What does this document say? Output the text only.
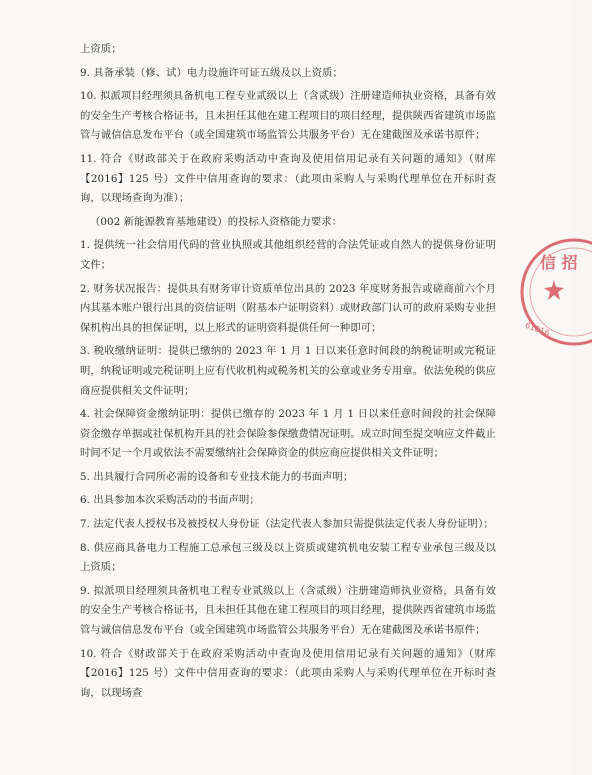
上资质；

9. 具备承装（修、试）电力设施许可证五级及以上资质；

10. 拟派项目经理须具备机电工程专业贰级以上（含贰级）注册建造师执业资格，具备有效的安全生产考核合格证书，且未担任其他在建工程项目的项目经理，提供陕西省建筑市场监管与诚信信息发布平台（或全国建筑市场监管公共服务平台）无在建截图及承诺书原件；

11. 符合《财政部关于在政府采购活动中查询及使用信用记录有关问题的通知》（财库【2016】125 号）文件中信用查询的要求：（此项由采购人与采购代理单位在开标时查询，以现场查询为准）；

（002 新能源教育基地建设）的投标人资格能力要求：

1. 提供统一社会信用代码的营业执照或其他组织经营的合法凭证或自然人的提供身份证明文件；

2. 财务状况报告：提供具有财务审计资质单位出具的 2023 年度财务报告或磋商前六个月内其基本账户银行出具的资信证明（附基本户证明资料）或财政部门认可的政府采购专业担保机构出具的担保证明，以上形式的证明资料提供任何一种即可；

3. 税收缴纳证明：提供已缴纳的 2023 年 1 月 1 日以来任意时间段的纳税证明或完税证明，纳税证明或完税证明上应有代收机构或税务机关的公章或业务专用章。依法免税的供应商应提供相关文件证明；

4. 社会保障资金缴纳证明：提供已缴存的 2023 年 1 月 1 日以来任意时间段的社会保障资金缴存单据或社保机构开具的社会保险参保缴费情况证明。成立时间至提交响应文件截止时间不足一个月或依法不需要缴纳社会保障资金的供应商应提供相关文件证明；

5. 出具履行合同所必需的设备和专业技术能力的书面声明；

6. 出具参加本次采购活动的书面声明；

7. 法定代表人授权书及被授权人身份证（法定代表人参加只需提供法定代表人身份证明）；

8. 供应商具备电力工程施工总承包三级及以上资质或建筑机电安装工程专业承包三级及以上资质；

9. 拟派项目经理须具备机电工程专业贰级以上（含贰级）注册建造师执业资格，具备有效的安全生产考核合格证书，且未担任其他在建工程项目的项目经理，提供陕西省建筑市场监管与诚信信息发布平台（或全国建筑市场监管公共服务平台）无在建截图及承诺书原件；

10. 符合《财政部关于在政府采购活动中查询及使用信用记录有关问题的通知》（财库【2016】125 号）文件中信用查询的要求：（此项由采购人与采购代理单位在开标时查询，以现场查

信 招
61016
